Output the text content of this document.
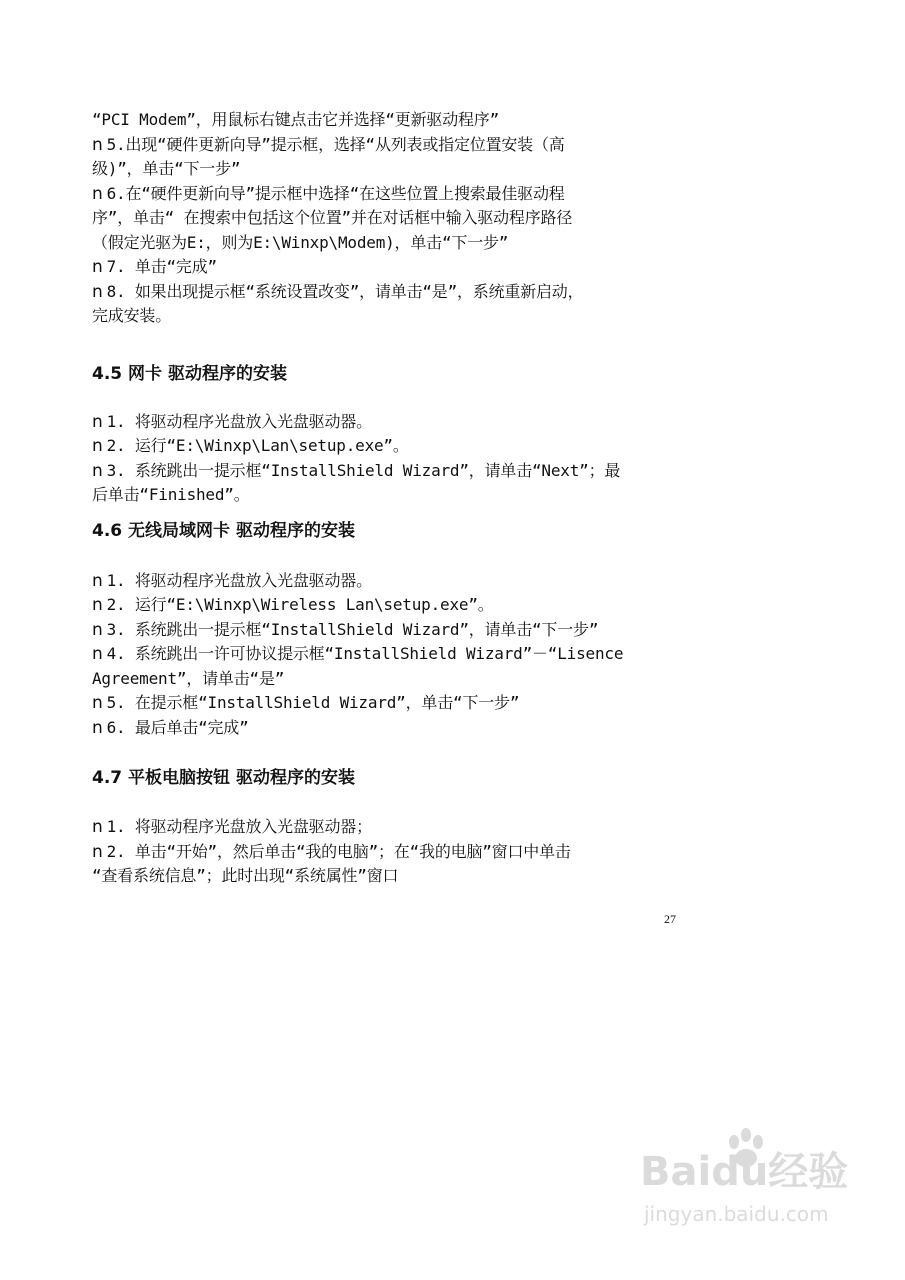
“PCI Modem”，用鼠标右键点击它并选择“更新驱动程序”
n 5.出现“硬件更新向导”提示框，选择“从列表或指定位置安装（高
级)”，单击“下一步”
n 6.在“硬件更新向导”提示框中选择“在这些位置上搜索最佳驱动程
序”，单击“ 在搜索中包括这个位置”并在对话框中输入驱动程序路径
（假定光驱为E:，则为E:\Winxp\Modem)，单击“下一步”
n 7. 单击“完成”
n 8. 如果出现提示框“系统设置改变”，请单击“是”，系统重新启动，
完成安装。
4.5 网卡 驱动程序的安装
n 1. 将驱动程序光盘放入光盘驱动器。
n 2. 运行“E:\Winxp\Lan\setup.exe”。
n 3. 系统跳出一提示框“InstallShield Wizard”，请单击“Next”；最
后单击“Finished”。
4.6 无线局域网卡 驱动程序的安装
n 1. 将驱动程序光盘放入光盘驱动器。
n 2. 运行“E:\Winxp\Wireless Lan\setup.exe”。
n 3. 系统跳出一提示框“InstallShield Wizard”，请单击“下一步”
n 4. 系统跳出一许可协议提示框“InstallShield Wizard”－“Lisence
Agreement”，请单击“是”
n 5. 在提示框“InstallShield Wizard”，单击“下一步”
n 6. 最后单击“完成”
4.7 平板电脑按钮 驱动程序的安装
n 1. 将驱动程序光盘放入光盘驱动器；
n 2. 单击“开始”，然后单击“我的电脑”；在“我的电脑”窗口中单击
“查看系统信息”；此时出现“系统属性”窗口
27
Baidu经验
jingyan.baidu.com
